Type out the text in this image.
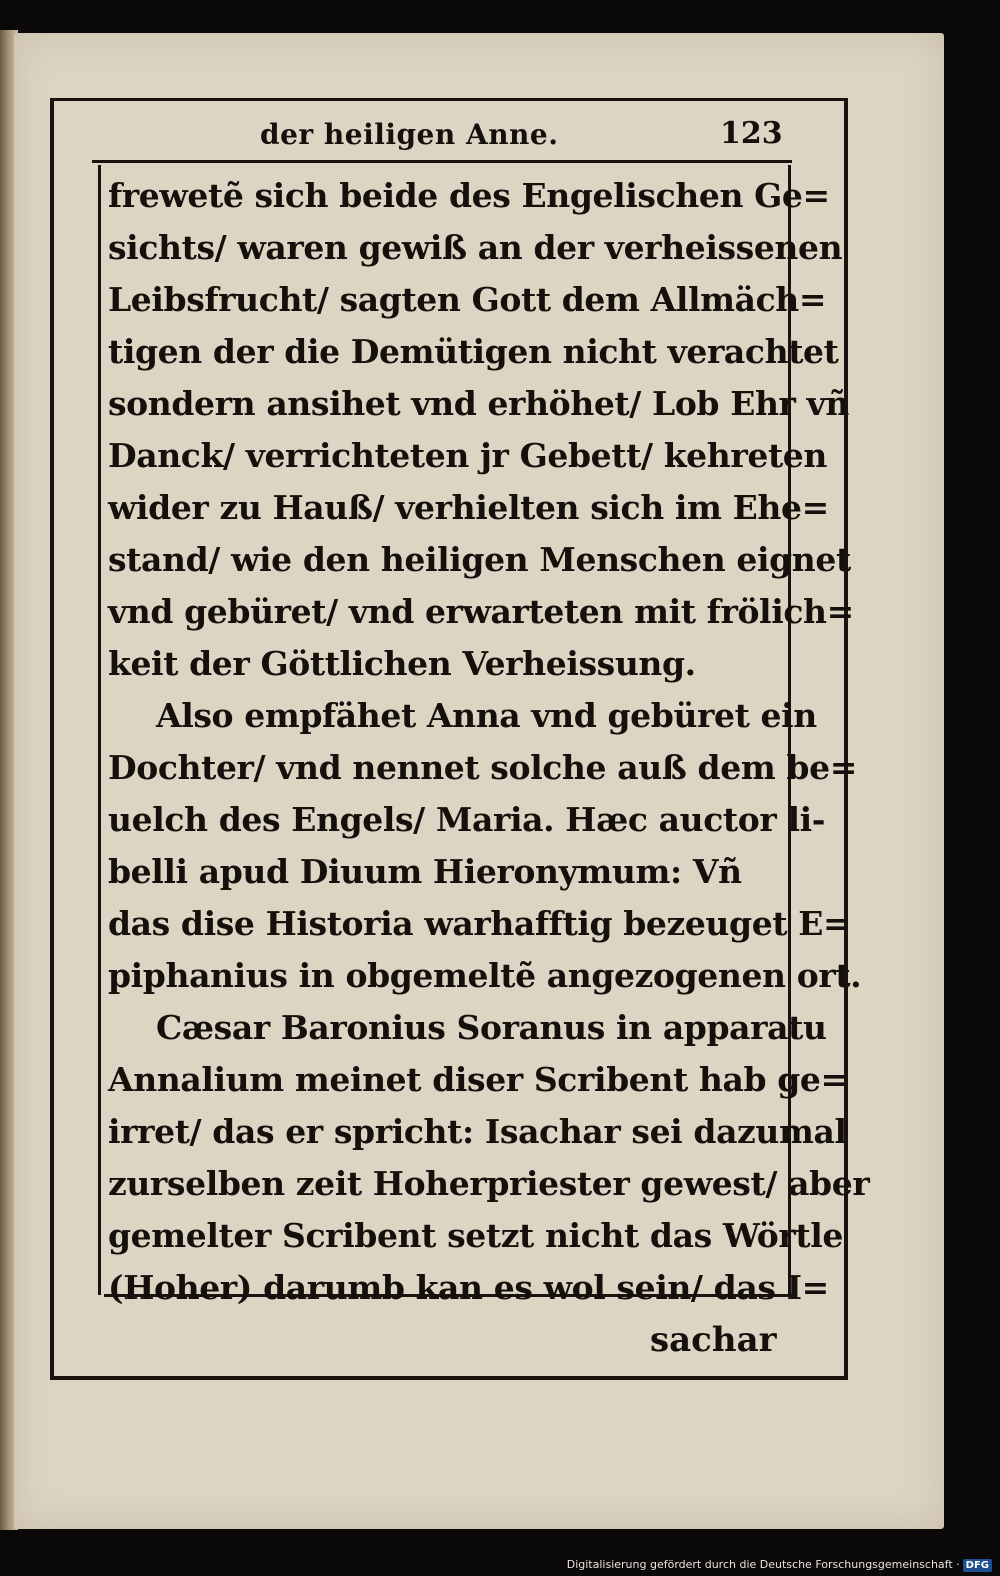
der heiligen Anne.	123
frewetẽ sich beide des Engelischen Ge=
sichts/ waren gewiß an der verheissenen
Leibsfrucht/ sagten Gott dem Allmäch=
tigen der die Demütigen nicht verachtet
sondern ansihet vnd erhöhet/ Lob Ehr vñ
Danck/ verrichteten jr Gebett/ kehreten
wider zu Hauß/ verhielten sich im Ehe=
stand/ wie den heiligen Menschen eignet
vnd gebüret/ vnd erwarteten mit frölich=
keit der Göttlichen Verheissung.
Also empfähet Anna vnd gebüret ein
Dochter/ vnd nennet solche auß dem be=
uelch des Engels/ Maria. Hæc auctor li-
belli apud Diuum Hieronymum: Vñ
das dise Historia warhafftig bezeuget E=
piphanius in obgemeltẽ angezogenen ort.
Cæsar Baronius Soranus in apparatu
Annalium meinet diser Scribent hab ge=
irret/ das er spricht: Isachar sei dazumal
zurselben zeit Hoherpriester gewest/ aber
gemelter Scribent setzt nicht das Wörtle
(Hoher) darumb kan es wol sein/ das I=
sachar
Digitalisierung gefördert durch die Deutsche Forschungsgemeinschaft · DFG
